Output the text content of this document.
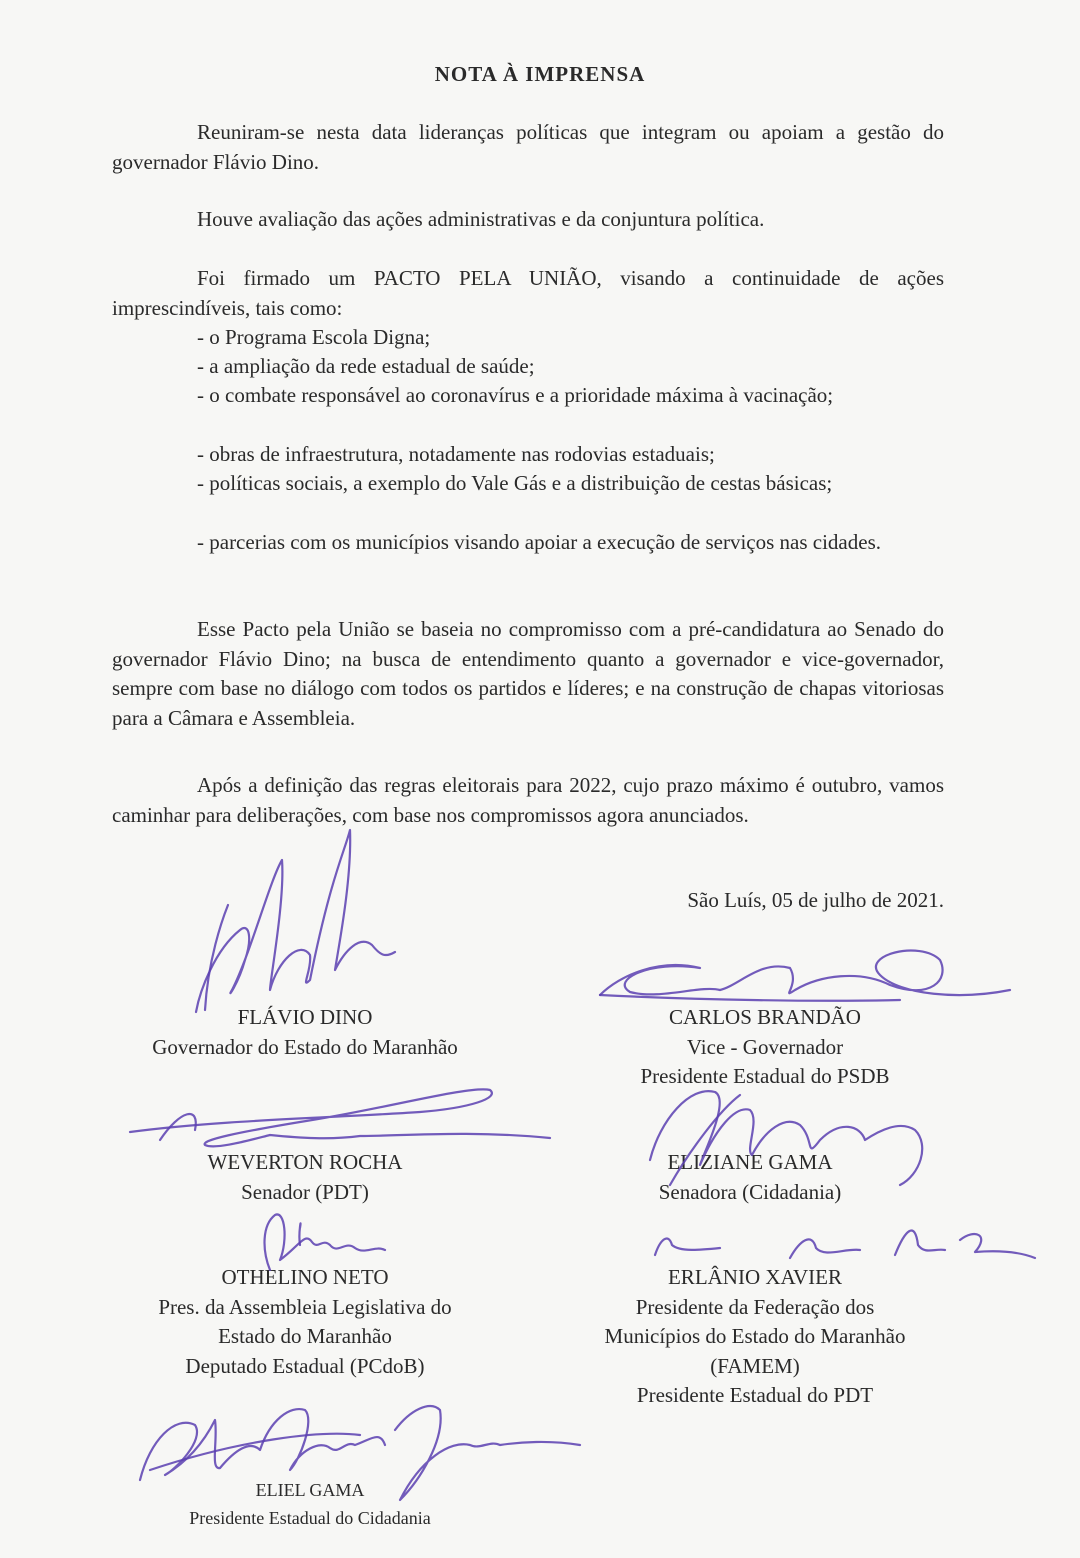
NOTA À IMPRENSA

Reuniram-se nesta data lideranças políticas que integram ou apoiam a gestão do governador Flávio Dino.

Houve avaliação das ações administrativas e da conjuntura política.

Foi firmado um PACTO PELA UNIÃO, visando a continuidade de ações imprescindíveis, tais como:

- o Programa Escola Digna;

- a ampliação da rede estadual de saúde;

- o combate responsável ao coronavírus e a prioridade máxima à vacinação;

- obras de infraestrutura, notadamente nas rodovias estaduais;

- políticas sociais, a exemplo do Vale Gás e a distribuição de cestas básicas;

- parcerias com os municípios visando apoiar a execução de serviços nas cidades.

Esse Pacto pela União se baseia no compromisso com a pré-candidatura ao Senado do governador Flávio Dino; na busca de entendimento quanto a governador e vice-governador, sempre com base no diálogo com todos os partidos e líderes; e na construção de chapas vitoriosas para a Câmara e Assembleia.

Após a definição das regras eleitorais para 2022, cujo prazo máximo é outubro, vamos caminhar para deliberações, com base nos compromissos agora anunciados.

São Luís, 05 de julho de 2021.
FLÁVIO DINO
Governador do Estado do Maranhão
CARLOS BRANDÃO
Vice - Governador
Presidente Estadual do PSDB
WEVERTON ROCHA
Senador (PDT)
ELIZIANE GAMA
Senadora (Cidadania)
OTHELINO NETO
Pres. da Assembleia Legislativa do
Estado do Maranhão
Deputado Estadual (PCdoB)
ERLÂNIO XAVIER
Presidente da Federação dos
Municípios do Estado do Maranhão
(FAMEM)
Presidente Estadual do PDT
ELIEL GAMA
Presidente Estadual do Cidadania
